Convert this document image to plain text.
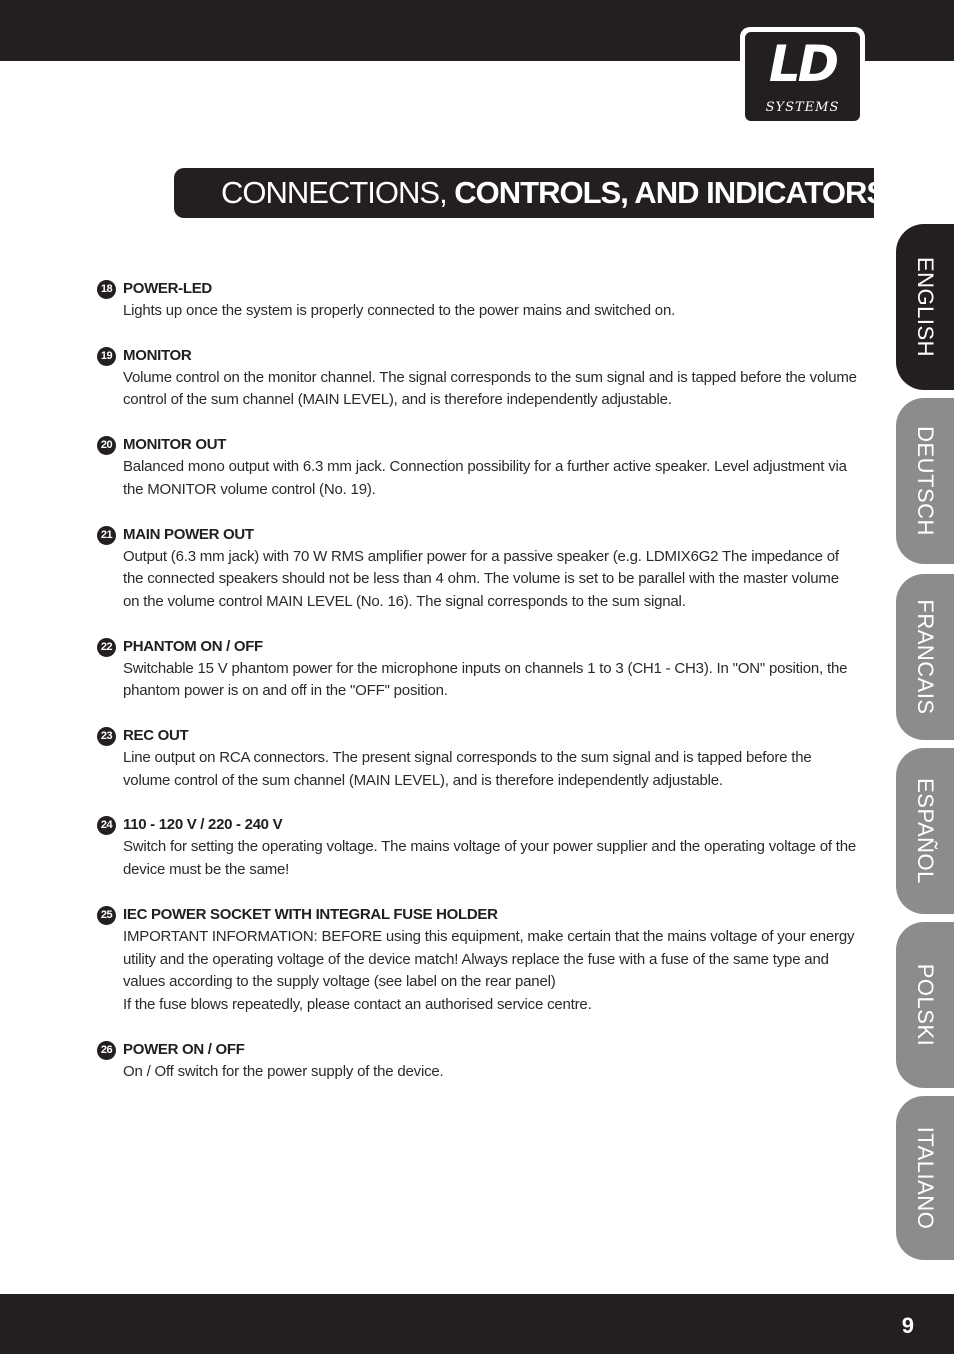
LD
SYSTEMS
CONNECTIONS, CONTROLS, AND INDICATORS:
ENGLISH
DEUTSCH
FRANCAIS
ESPAÑOL
POLSKI
ITALIANO
18 POWER-LED

Lights up once the system is properly connected to the power mains and switched on.

19 MONITOR

Volume control on the monitor channel. The signal corresponds to the sum signal and is tapped before the volume control of the sum channel (MAIN LEVEL), and is therefore independently adjustable.

20 MONITOR OUT

Balanced mono output with 6.3 mm jack. Connection possibility for a further active speaker. Level adjustment via the MONITOR volume control (No. 19).

21 MAIN POWER OUT

Output (6.3 mm jack) with 70 W RMS amplifier power for a passive speaker (e.g. LDMIX6G2 The impedance of the connected speakers should not be less than 4 ohm. The volume is set to be parallel with the master volume on the volume control MAIN LEVEL (No. 16). The signal corresponds to the sum signal.

22 PHANTOM ON / OFF

Switchable 15 V phantom power for the microphone inputs on channels 1 to 3 (CH1 - CH3). In "ON" position, the phantom power is on and off in the "OFF" position.

23 REC OUT

Line output on RCA connectors. The present signal corresponds to the sum signal and is tapped before the volume control of the sum channel (MAIN LEVEL), and is therefore independently adjustable.

24 110 - 120 V / 220 - 240 V

Switch for setting the operating voltage. The mains voltage of your power supplier and the operating voltage of the device must be the same!

25 IEC POWER SOCKET WITH INTEGRAL FUSE HOLDER

IMPORTANT INFORMATION: BEFORE using this equipment, make certain that the mains voltage of your energy utility and the operating voltage of the device match! Always replace the fuse with a fuse of the same type and values according to the supply voltage (see label on the rear panel)

If the fuse blows repeatedly, please contact an authorised service centre.

26 POWER ON / OFF

On / Off switch for the power supply of the device.

9
